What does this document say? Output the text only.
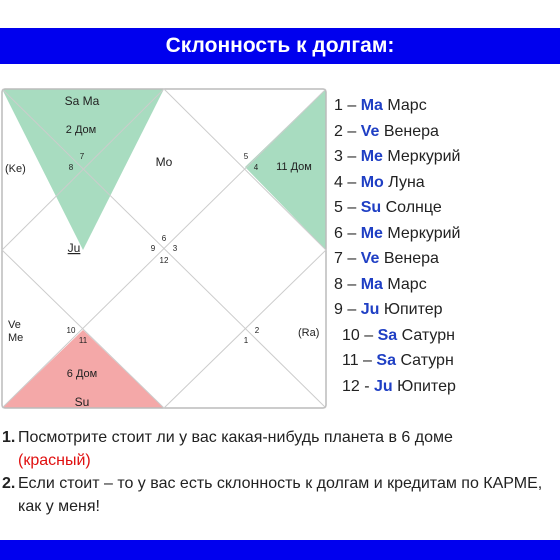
Склонность к долгам:
Sa Ma
2 Дом
7
8	Mo	5
4 11 Дом
(Ke)
Ju
6
9 3
12
Ve
Me
10
11
2
1
(Ra)
6 Дом
Su
1 – Ma Марс
2 – Ve Венера
3 – Me Меркурий
4 – Mo Луна
5 – Su Солнце
6 – Me Меркурий
7 – Ve Венера
8 – Ma Марс
9 – Ju Юпитер
10 – Sa Сатурн
11 – Sa Сатурн
12 - Ju Юпитер
1. Посмотрите стоит ли у вас какая-нибудь планета в 6 доме
(красный)
2. Если стоит – то у вас есть склонность к долгам и кредитам по КАРМЕ, как у меня!
